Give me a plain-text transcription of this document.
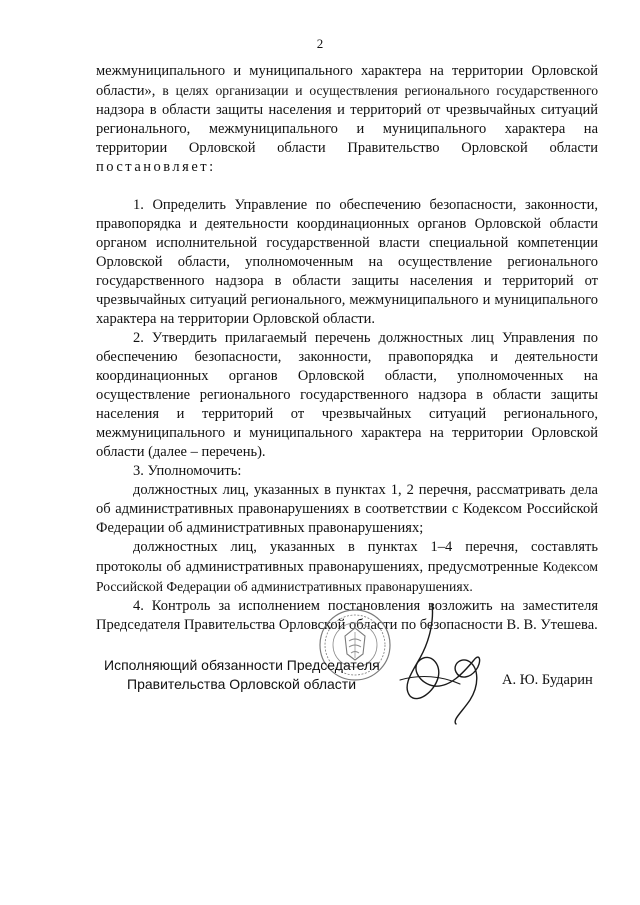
2

межмуниципального и муниципального характера на территории Орловской области», в целях организации и осуществления регионального государственного надзора в области защиты населения и территорий от чрезвычайных ситуаций регионального, межмуниципального и муниципального характера на территории Орловской области Правительство Орловской области постановляет:

1. Определить Управление по обеспечению безопасности, законности, правопорядка и деятельности координационных органов Орловской области органом исполнительной государственной власти специальной компетенции Орловской области, уполномоченным на осуществление регионального государственного надзора в области защиты населения и территорий от чрезвычайных ситуаций регионального, межмуниципального и муниципального характера на территории Орловской области.

2. Утвердить прилагаемый перечень должностных лиц Управления по обеспечению безопасности, законности, правопорядка и деятельности координационных органов Орловской области, уполномоченных на осуществление регионального государственного надзора в области защиты населения и территорий от чрезвычайных ситуаций регионального, межмуниципального и муниципального характера на территории Орловской области (далее – перечень).

3. Уполномочить:

должностных лиц, указанных в пунктах 1, 2 перечня, рассматривать дела об административных правонарушениях в соответствии с Кодексом Российской Федерации об административных правонарушениях;

должностных лиц, указанных в пунктах 1–4 перечня, составлять протоколы об административных правонарушениях, предусмотренные Кодексом Российской Федерации об административных правонарушениях.

4. Контроль за исполнением постановления возложить на заместителя Председателя Правительства Орловской области по безопасности В. В. Утешева.

Исполняющий обязанности Председателя
Правительства Орловской области	А. Ю. Бударин
